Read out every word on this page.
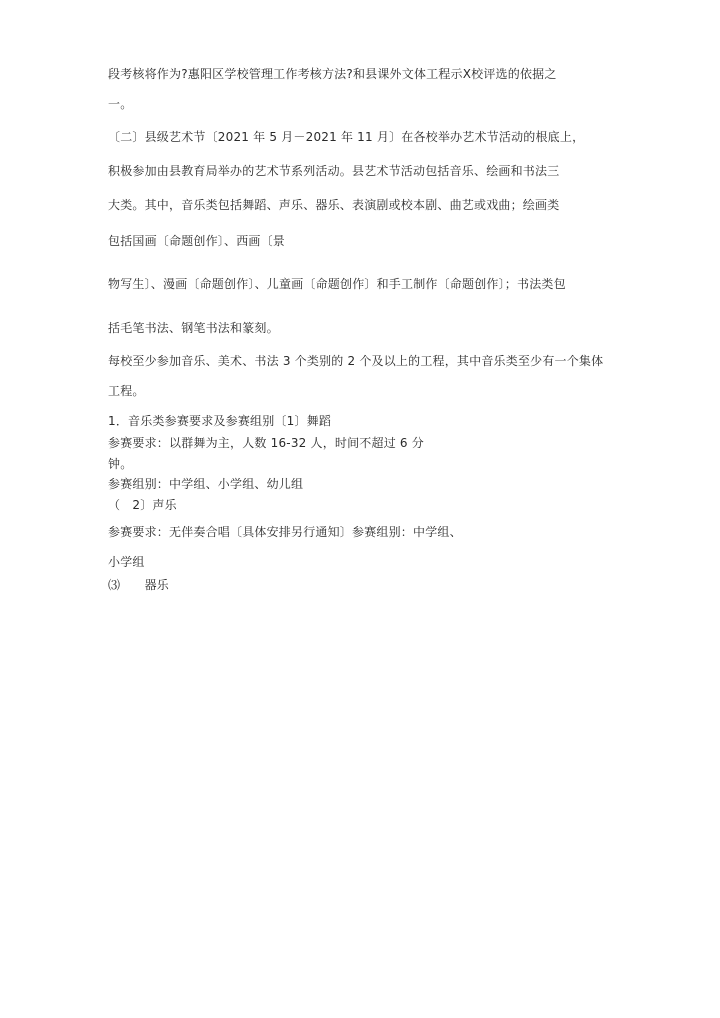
段考核将作为?惠阳区学校管理工作考核方法?和县课外文体工程示Ⅹ校评选的依据之
一。
〔二〕县级艺术节〔2021 年 5 月－2021 年 11 月〕在各校举办艺术节活动的根底上，
积极参加由县教育局举办的艺术节系列活动。县艺术节活动包括音乐、绘画和书法三
大类。其中，音乐类包括舞蹈、声乐、器乐、表演剧或校本剧、曲艺或戏曲；绘画类
包括国画〔命题创作〕、西画〔景
物写生〕、漫画〔命题创作〕、儿童画〔命题创作〕和手工制作〔命题创作〕；书法类包
括毛笔书法、钢笔书法和篆刻。
每校至少参加音乐、美术、书法 3 个类别的 2 个及以上的工程，其中音乐类至少有一个集体
工程。
1．音乐类参赛要求及参赛组别〔1〕舞蹈
参赛要求：以群舞为主，人数 16-32 人，时间不超过 6 分
钟。
参赛组别：中学组、小学组、幼儿组
（　2〕声乐
参赛要求：无伴奏合唱〔具体安排另行通知〕参赛组别：中学组、
小学组
⑶　　器乐
